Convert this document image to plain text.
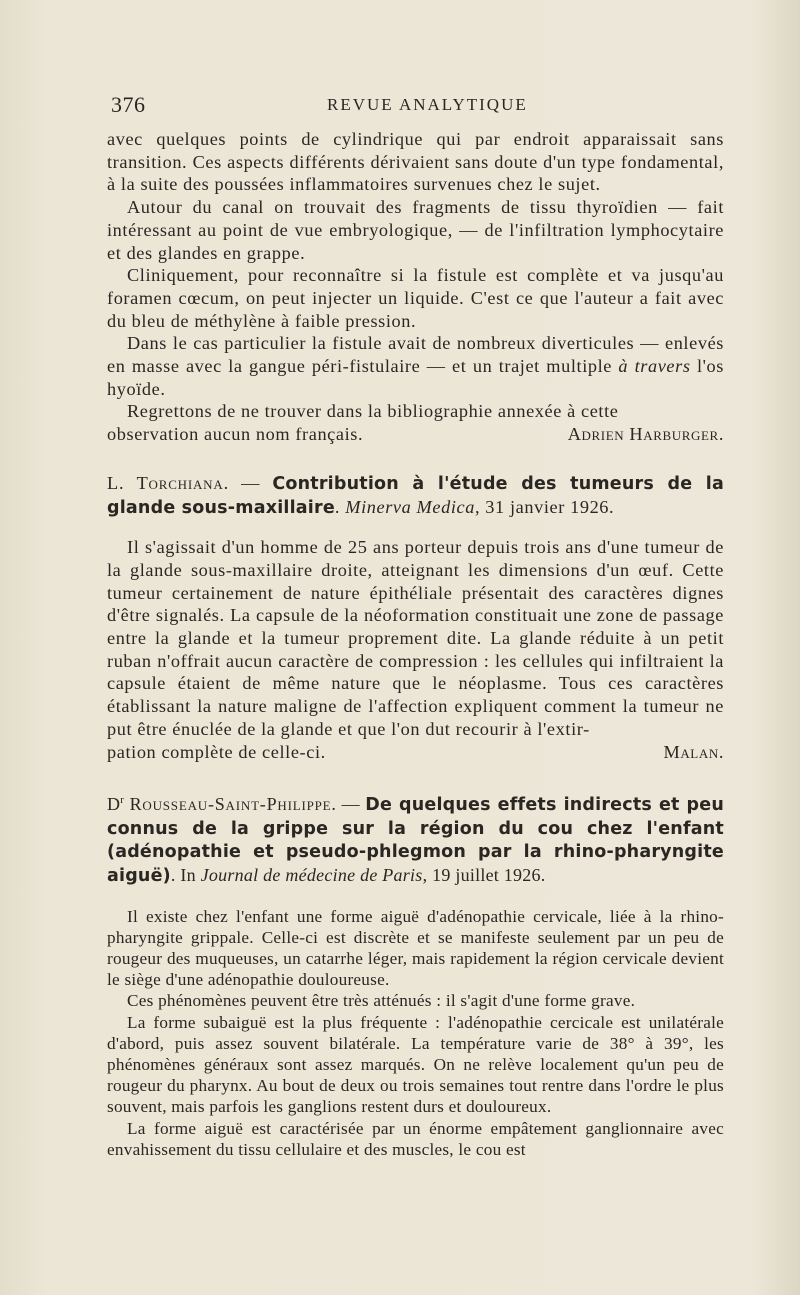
376	REVUE ANALYTIQUE

avec quelques points de cylindrique qui par endroit apparaissait sans transition. Ces aspects différents dérivaient sans doute d'un type fondamental, à la suite des poussées inflammatoires survenues chez le sujet.

Autour du canal on trouvait des fragments de tissu thyroïdien — fait intéressant au point de vue embryologique, — de l'infiltration lymphocytaire et des glandes en grappe.

Cliniquement, pour reconnaître si la fistule est complète et va jusqu'au foramen cœcum, on peut injecter un liquide. C'est ce que l'auteur a fait avec du bleu de méthylène à faible pression.

Dans le cas particulier la fistule avait de nombreux diverticules — enlevés en masse avec la gangue péri-fistulaire — et un trajet multiple à travers l'os hyoïde.

Regrettons de ne trouver dans la bibliographie annexée à cette

observation aucun nom français.	Adrien Harburger.

L. Torchiana. — Contribution à l'étude des tumeurs de la glande sous-maxillaire. Minerva Medica, 31 janvier 1926.

Il s'agissait d'un homme de 25 ans porteur depuis trois ans d'une tumeur de la glande sous-maxillaire droite, atteignant les dimensions d'un œuf. Cette tumeur certainement de nature épithéliale présentait des caractères dignes d'être signalés. La capsule de la néoformation constituait une zone de passage entre la glande et la tumeur proprement dite. La glande réduite à un petit ruban n'offrait aucun caractère de compression : les cellules qui infiltraient la capsule étaient de même nature que le néoplasme. Tous ces caractères établissant la nature maligne de l'affection expliquent comment la tumeur ne put être énuclée de la glande et que l'on dut recourir à l'extir-

pation complète de celle-ci.	Malan.

$D^r$ Rousseau-Saint-Philippe. — De quelques effets indirects et peu connus de la grippe sur la région du cou chez l'enfant (adénopathie et pseudo-phlegmon par la rhino-pharyngite aiguë). In Journal de médecine de Paris, 19 juillet 1926.

Il existe chez l'enfant une forme aiguë d'adénopathie cervicale, liée à la rhino-pharyngite grippale. Celle-ci est discrète et se manifeste seulement par un peu de rougeur des muqueuses, un catarrhe léger, mais rapidement la région cervicale devient le siège d'une adénopathie douloureuse.

Ces phénomènes peuvent être très atténués : il s'agit d'une forme grave.

La forme subaiguë est la plus fréquente : l'adénopathie cercicale est unilatérale d'abord, puis assez souvent bilatérale. La température varie de 38° à 39°, les phénomènes généraux sont assez marqués. On ne relève localement qu'un peu de rougeur du pharynx. Au bout de deux ou trois semaines tout rentre dans l'ordre le plus souvent, mais parfois les ganglions restent durs et douloureux.

La forme aiguë est caractérisée par un énorme empâtement ganglionnaire avec envahissement du tissu cellulaire et des muscles, le cou est
